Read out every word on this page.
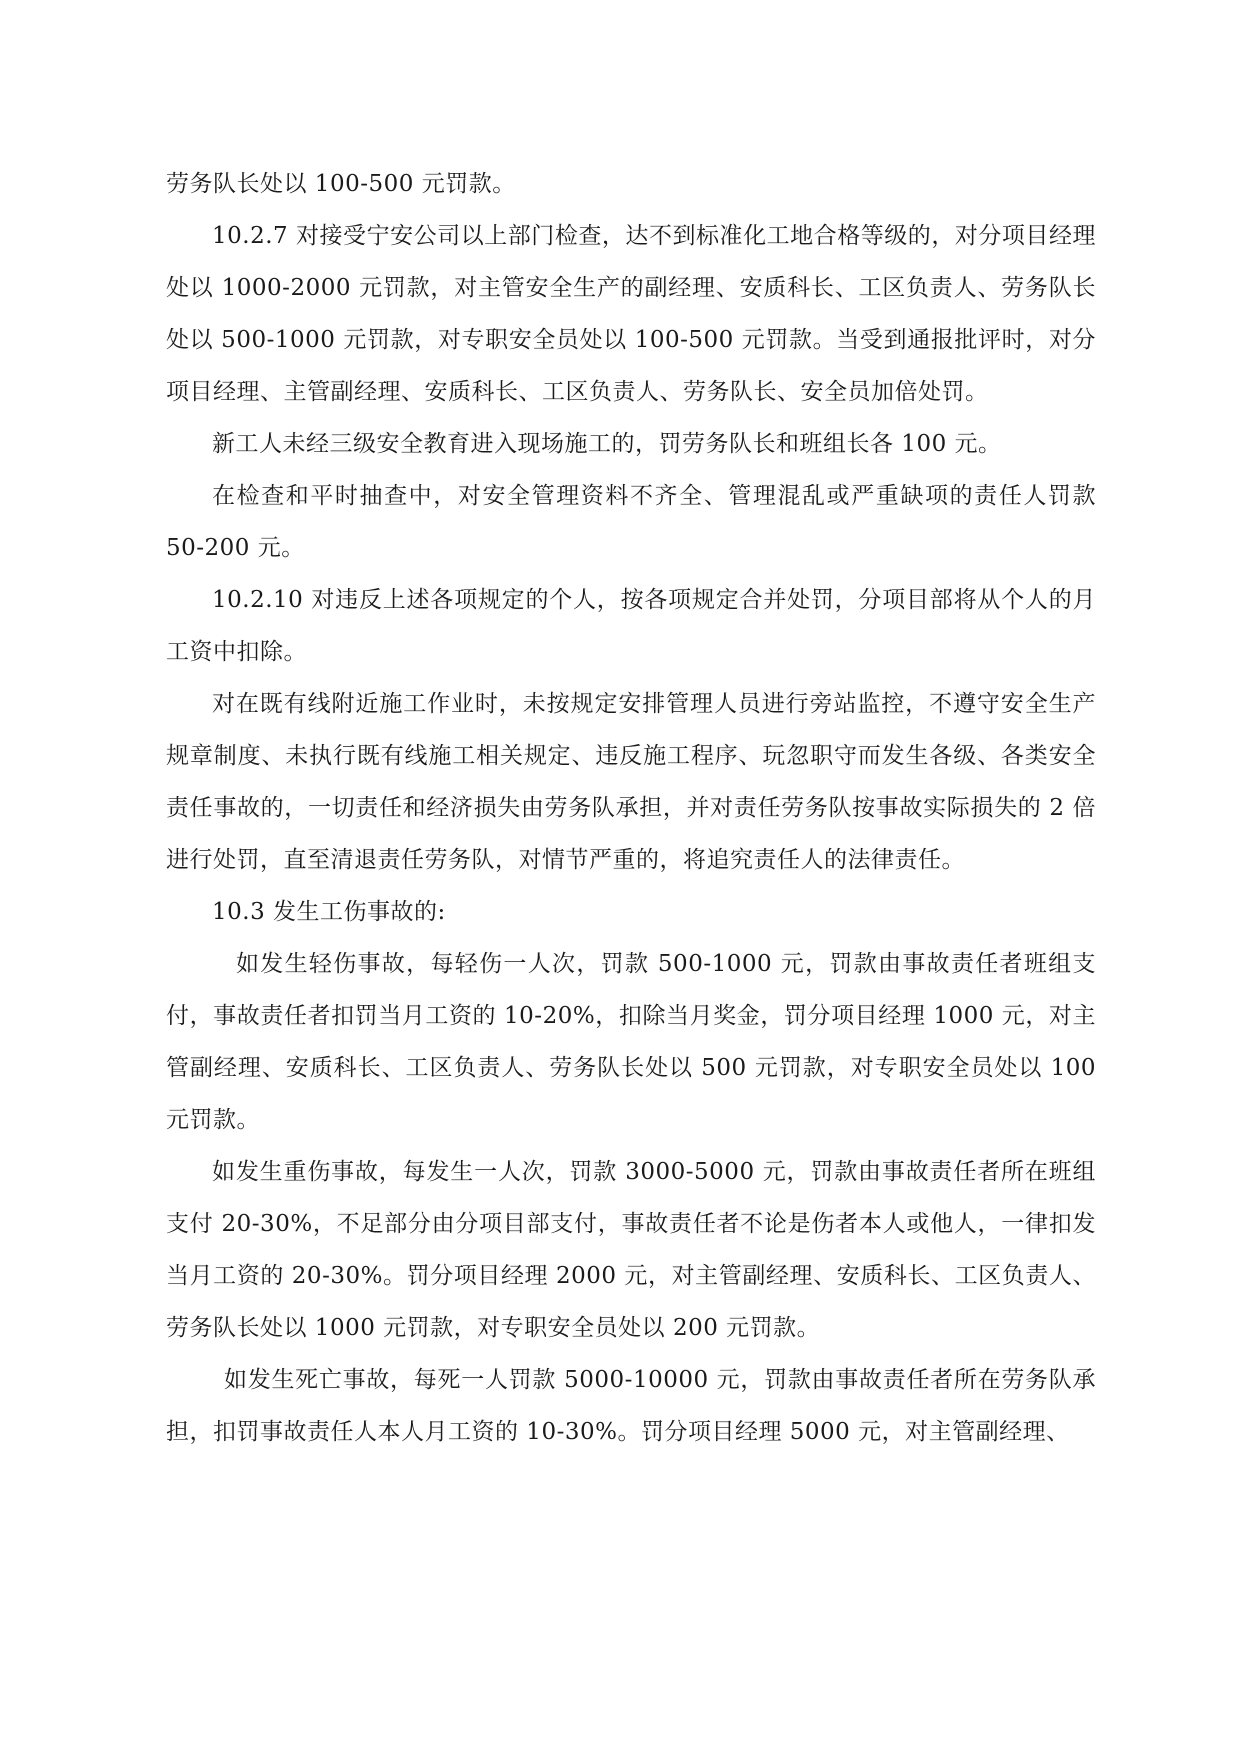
劳务队长处以 100-500 元罚款。

10.2.7 对接受宁安公司以上部门检查，达不到标准化工地合格等级的，对分项目经理处以 1000-2000 元罚款，对主管安全生产的副经理、安质科长、工区负责人、劳务队长处以 500-1000 元罚款，对专职安全员处以 100-500 元罚款。当受到通报批评时，对分项目经理、主管副经理、安质科长、工区负责人、劳务队长、安全员加倍处罚。

新工人未经三级安全教育进入现场施工的，罚劳务队长和班组长各 100 元。

在检查和平时抽查中，对安全管理资料不齐全、管理混乱或严重缺项的责任人罚款 50-200 元。

10.2.10 对违反上述各项规定的个人，按各项规定合并处罚，分项目部将从个人的月工资中扣除。

对在既有线附近施工作业时，未按规定安排管理人员进行旁站监控，不遵守安全生产规章制度、未执行既有线施工相关规定、违反施工程序、玩忽职守而发生各级、各类安全责任事故的，一切责任和经济损失由劳务队承担，并对责任劳务队按事故实际损失的 2 倍进行处罚，直至清退责任劳务队，对情节严重的，将追究责任人的法律责任。

10.3 发生工伤事故的:

如发生轻伤事故，每轻伤一人次，罚款 500-1000 元，罚款由事故责任者班组支付，事故责任者扣罚当月工资的 10-20%，扣除当月奖金，罚分项目经理 1000 元，对主管副经理、安质科长、工区负责人、劳务队长处以 500 元罚款，对专职安全员处以 100 元罚款。

如发生重伤事故，每发生一人次，罚款 3000-5000 元，罚款由事故责任者所在班组支付 20-30%，不足部分由分项目部支付，事故责任者不论是伤者本人或他人，一律扣发当月工资的 20-30%。罚分项目经理 2000 元，对主管副经理、安质科长、工区负责人、劳务队长处以 1000 元罚款，对专职安全员处以 200 元罚款。

如发生死亡事故，每死一人罚款 5000-10000 元，罚款由事故责任者所在劳务队承担，扣罚事故责任人本人月工资的 10-30%。罚分项目经理 5000 元，对主管副经理、
